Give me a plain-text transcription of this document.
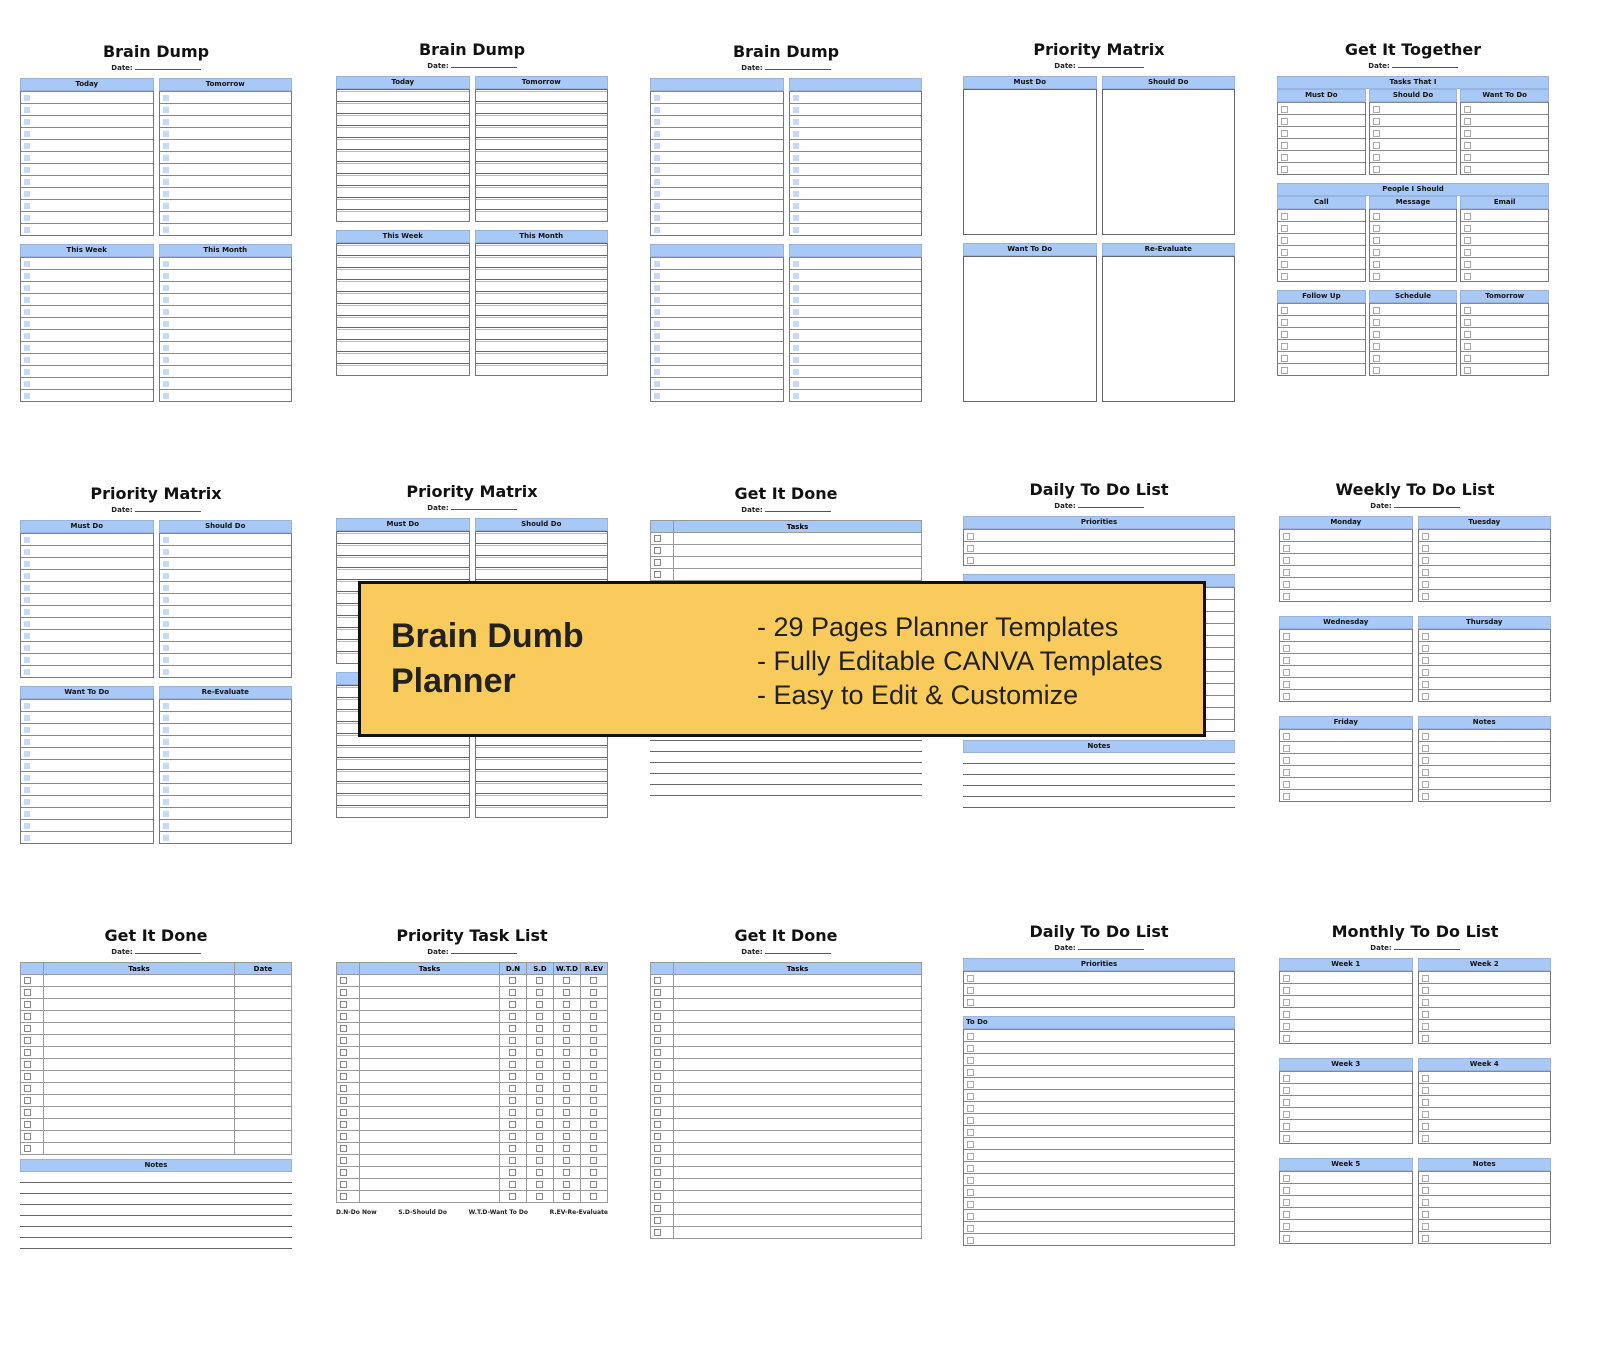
Brain Dump
Date:
Today	Tomorrow
This Week	This Month
Brain Dump
Date:
Today	Tomorrow
This Week	This Month
Brain Dump
Date:
Priority Matrix
Date:
Must Do	Should Do
Want To Do	Re-Evaluate
Get It Together
Date:
Tasks That I
Must Do	Should Do	Want To Do
People I Should
Call	Message	Email
Follow Up	Schedule	Tomorrow
Priority Matrix
Date:
Must Do	Should Do
Want To Do	Re-Evaluate
Priority Matrix
Date:
Must Do	Should Do
Get It Done
Date:
	Tasks

Daily To Do List
Date:
Priorities
Notes
Weekly To Do List
Date:
Monday	Tuesday
Wednesday	Thursday
Friday	Notes
Get It Done
Date:
	Tasks	Date

Notes
Priority Task List
Date:
	Tasks	D.N	S.D	W.T.D	R.EV

D.N-Do Now	S.D-Should Do	W.T.D-Want To Do	R.EV-Re-Evaluate
Get It Done
Date:
	Tasks

Daily To Do List
Date:
Priorities
To Do
Monthly To Do List
Date:
Week 1	Week 2
Week 3	Week 4
Week 5	Notes
Brain Dumb
Planner
- 29 Pages Planner Templates
- Fully Editable CANVA Templates
- Easy to Edit & Customize
